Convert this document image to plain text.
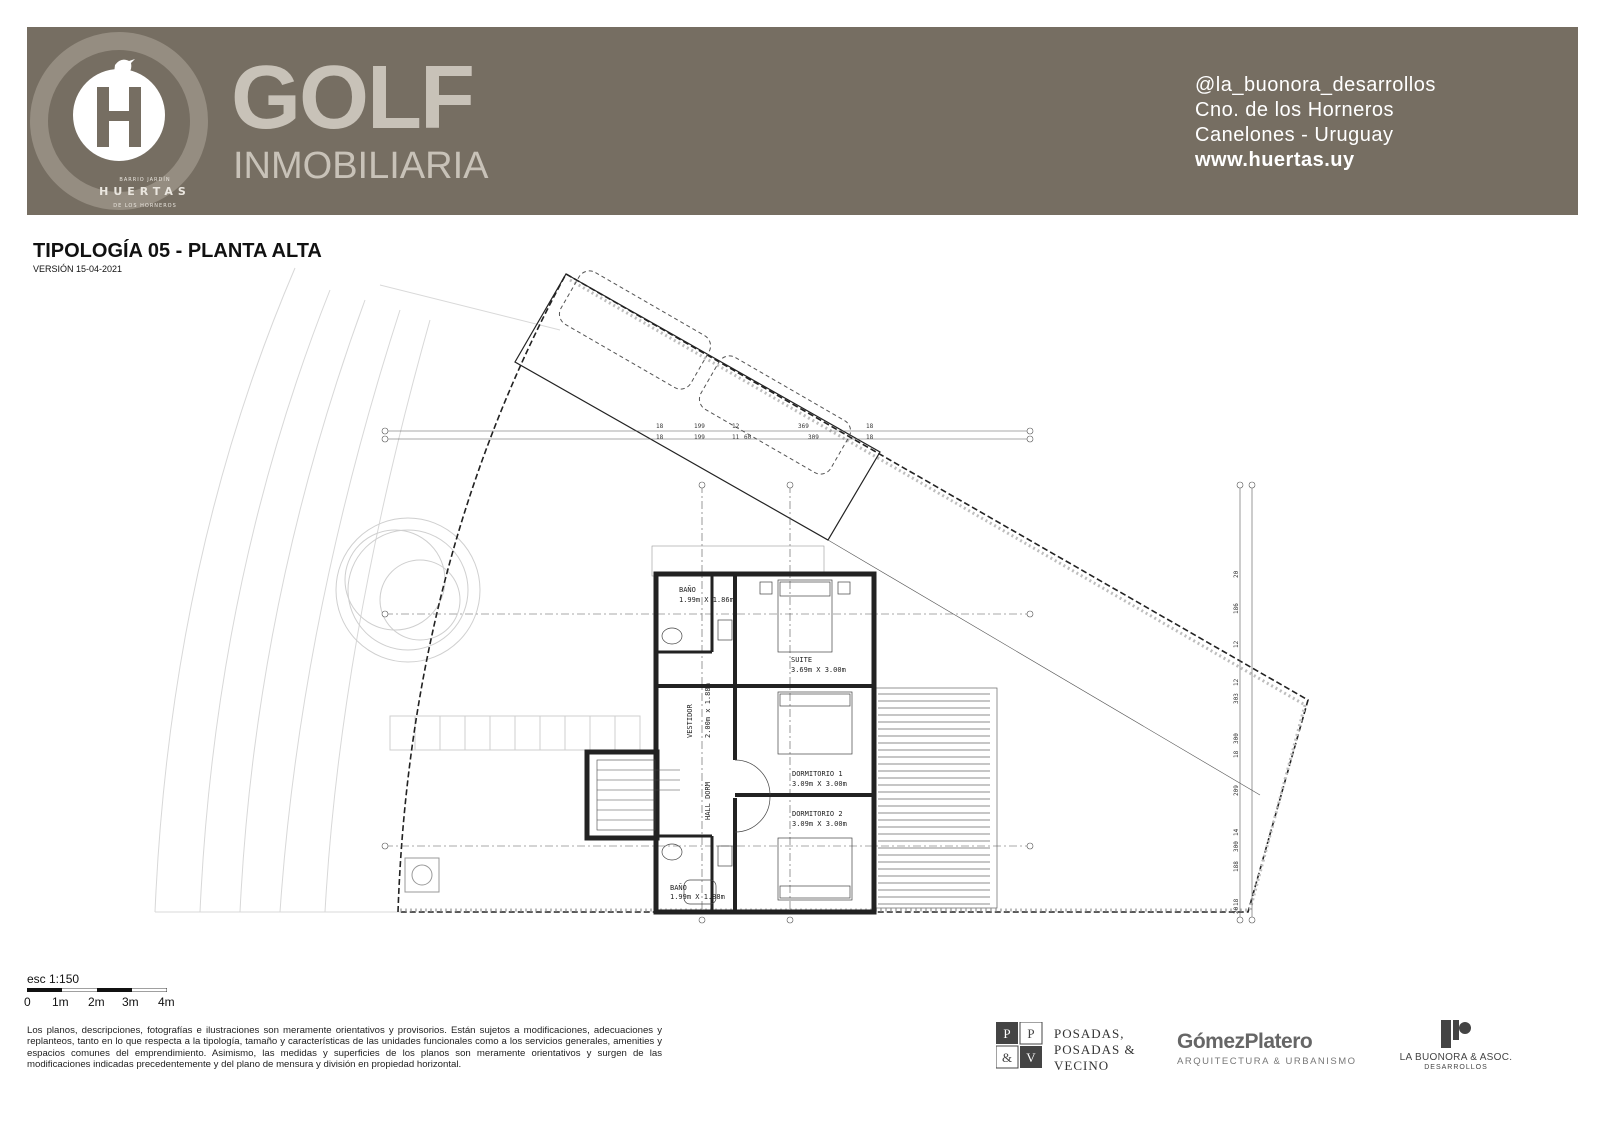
BARRIO JARDÍN
HUERTAS
DE LOS HORNEROS
GOLF
INMOBILIARIA
@la_buonora_desarrollos
Cno. de los Horneros
Canelones - Uruguay
www.huertas.uy
TIPOLOGÍA 05 - PLANTA ALTA
VERSIÓN 15-04-2021
BAÑO
1.99m X 1.86m
SUITE
3.69m X 3.00m
VESTIDOR 2.00m x 1.88m
HALL DORM
DORMITORIO 1
3.09m X 3.00m
DORMITORIO 2
3.09m X 3.00m
BAÑO
1.99m X 1.88m
18	199	12	369	18
18	199	11 60	309	18
20
186
12
12
303
300
18
209
14
300
188
18
20
esc 1:150
0 1m 2m 3m 4m
Los planos, descripciones, fotografías e ilustraciones son meramente orientativos y provisorios. Están sujetos a modificaciones, adecuaciones y replanteos, tanto en lo que respecta a la tipología, tamaño y características de las unidades funcionales como a los servicios generales, amenities y espacios comunes del emprendimiento. Asimismo, las medidas y superficies de los planos son meramente orientativos y surgen de las modificaciones indicadas precedentemente y del plano de mensura y división en propiedad horizontal.
P P
& V
POSADAS,
POSADAS &
VECINO
GómezPlatero
ARQUITECTURA & URBANISMO	LA BUONORA & ASOC.
DESARROLLOS
